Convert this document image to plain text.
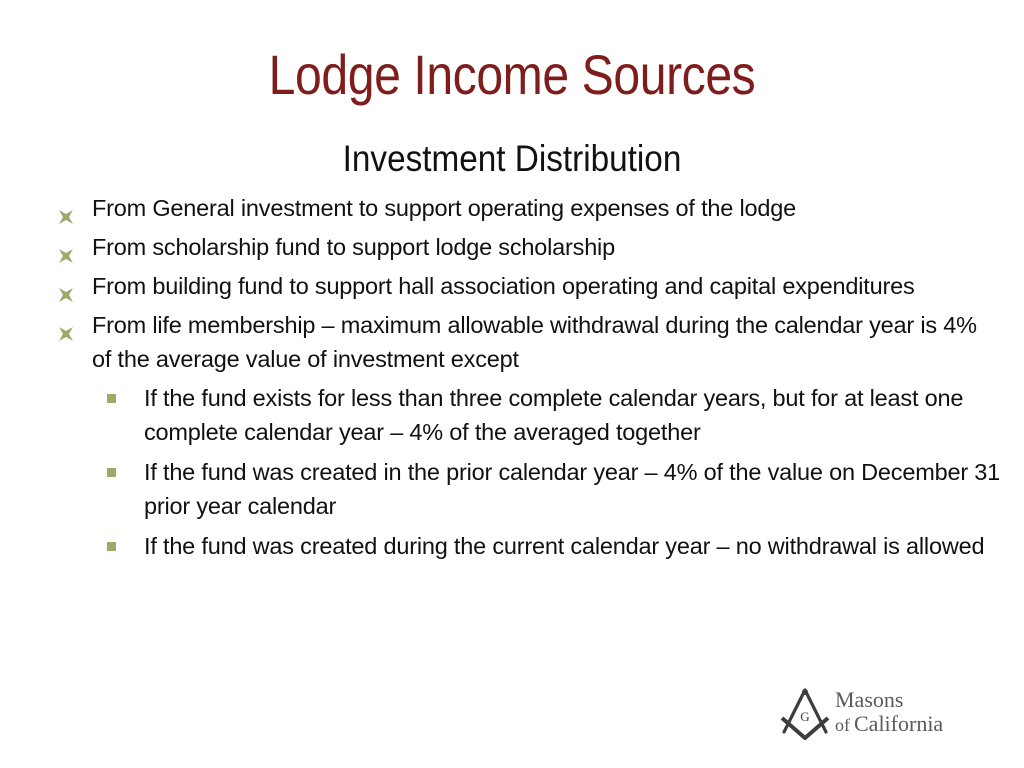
Lodge Income Sources
Investment Distribution
From General investment to support operating expenses of the lodge
From scholarship fund to support lodge scholarship
From building fund to support hall association operating and capital expenditures
From life membership – maximum allowable withdrawal during the calendar year is 4% of the average value of investment except
If the fund exists for less than three complete calendar years, but for at least one complete calendar year – 4% of the averaged together
If the fund was created in the prior calendar year – 4% of the value on December 31 prior year calendar
If the fund was created during the current calendar year – no withdrawal is allowed
G
Masons
of California
